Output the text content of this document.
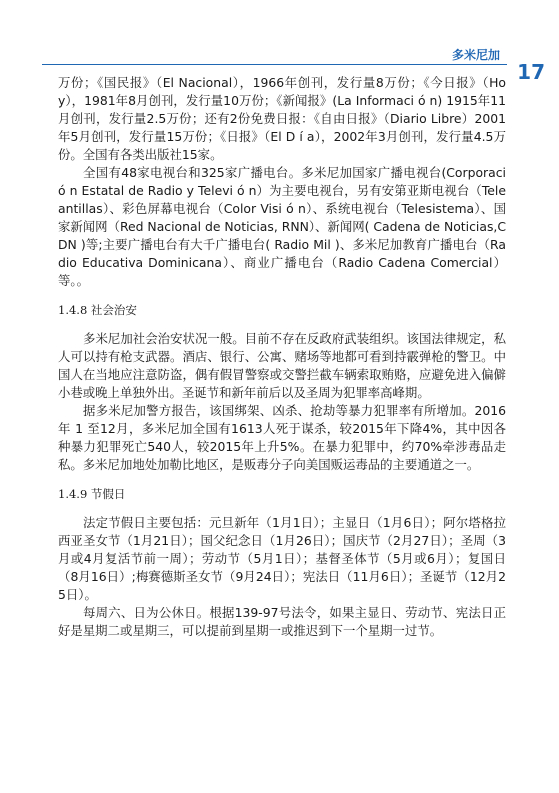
多米尼加
17

万份；《国民报》（El Nacional），1966年创刊，发行量8万份；《今日报》（Hoy），1981年8月创刊，发行量10万份；《新闻报》(La Informaci ó n) 1915年11月创刊，发行量2.5万份；还有2份免费日报：《自由日报》（Diario Libre）2001年5月创刊，发行量15万份；《日报》（El D í a），2002年3月创刊，发行量4.5万份。全国有各类出版社15家。

全国有48家电视台和325家广播电台。多米尼加国家广播电视台(Corporaci ó n Estatal de Radio y Televi ó n）为主要电视台，另有安第亚斯电视台（Teleantillas）、彩色屏幕电视台（Color Visi ó n）、系统电视台（Telesistema）、国家新闻网（Red Nacional de Noticias, RNN）、新闻网( Cadena de Noticias,CDN )等;主要广播电台有大千广播电台( Radio Mil )、多米尼加教育广播电台（Radio Educativa Dominicana）、商业广播电台（Radio Cadena Comercial）等。。

1.4.8 社会治安

多米尼加社会治安状况一般。目前不存在反政府武装组织。该国法律规定，私人可以持有枪支武器。酒店、银行、公寓、赌场等地都可看到持霰弹枪的警卫。中国人在当地应注意防盗，偶有假冒警察或交警拦截车辆索取贿赂，应避免进入偏僻小巷或晚上单独外出。圣诞节和新年前后以及圣周为犯罪率高峰期。

据多米尼加警方报告，该国绑架、凶杀、抢劫等暴力犯罪率有所增加。2016年 1 至12月，多米尼加全国有1613人死于谋杀，较2015年下降4%，其中因各种暴力犯罪死亡540人，较2015年上升5%。在暴力犯罪中，约70%牵涉毒品走私。多米尼加地处加勒比地区，是贩毒分子向美国贩运毒品的主要通道之一。

1.4.9 节假日

法定节假日主要包括：元旦新年（1月1日）；主显日（1月6日）；阿尔塔格拉西亚圣女节（1月21日）；国父纪念日（1月26日）；国庆节（2月27日）；圣周（3月或4月复活节前一周）；劳动节（5月1日）；基督圣体节（5月或6月）；复国日（8月16日）;梅赛德斯圣女节（9月24日）；宪法日（11月6日）；圣诞节（12月25日）。

每周六、日为公休日。根据139-97号法令，如果主显日、劳动节、宪法日正好是星期二或星期三，可以提前到星期一或推迟到下一个星期一过节。
